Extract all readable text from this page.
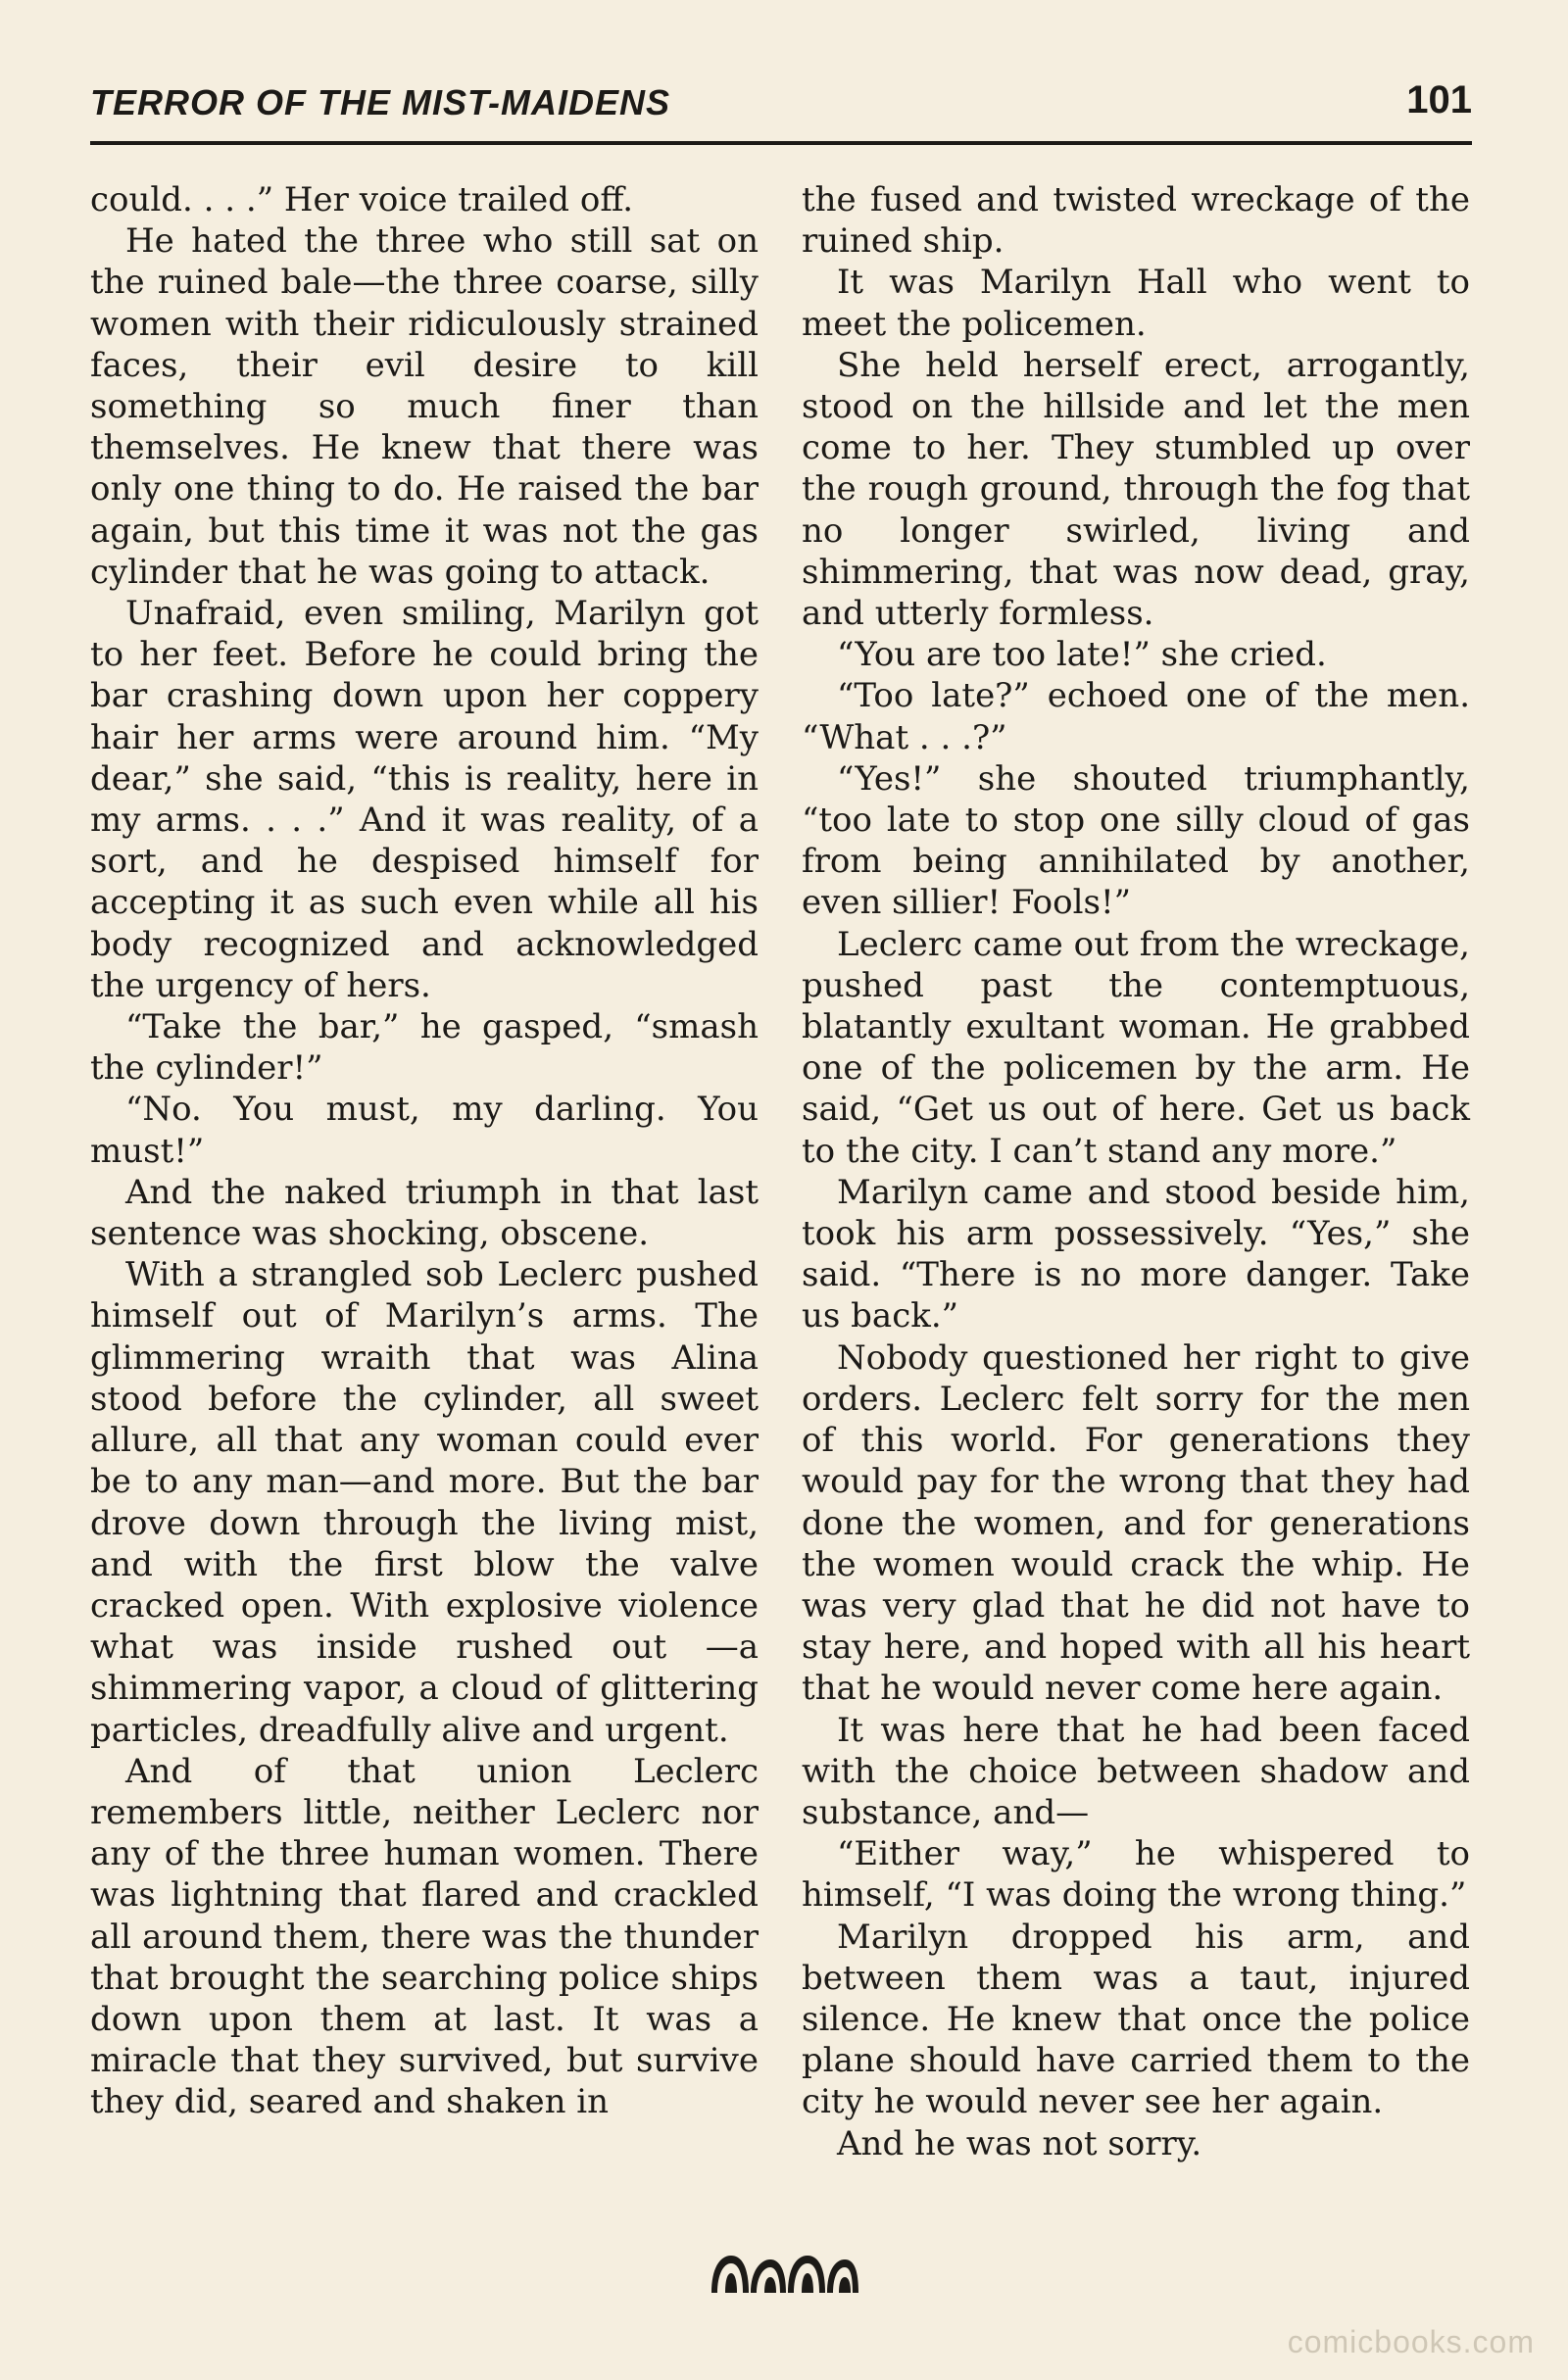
TERROR OF THE MIST-MAIDENS	101

could. . . .” Her voice trailed off.

He hated the three who still sat on the ruined bale—the three coarse, silly women with their ridiculously strained faces, their evil desire to kill something so much finer than themselves. He knew that there was only one thing to do. He raised the bar again, but this time it was not the gas cylinder that he was going to attack.

Unafraid, even smiling, Marilyn got to her feet. Before he could bring the bar crashing down upon her coppery hair her arms were around him. “My dear,” she said, “this is reality, here in my arms. . . .” And it was reality, of a sort, and he despised himself for accepting it as such even while all his body recognized and acknowledged the urgency of hers.

“Take the bar,” he gasped, “smash the cylinder!”

“No. You must, my darling. You must!”

And the naked triumph in that last sentence was shocking, obscene.

With a strangled sob Leclerc pushed himself out of Marilyn’s arms. The glimmering wraith that was Alina stood before the cylinder, all sweet allure, all that any woman could ever be to any man—and more. But the bar drove down through the living mist, and with the first blow the valve cracked open. With explosive violence what was inside rushed out —a shimmering vapor, a cloud of glittering particles, dreadfully alive and urgent.

And of that union Leclerc remembers little, neither Leclerc nor any of the three human women. There was lightning that flared and crackled all around them, there was the thunder that brought the searching police ships down upon them at last. It was a miracle that they survived, but survive they did, seared and shaken in

the fused and twisted wreckage of the ruined ship.

It was Marilyn Hall who went to meet the policemen.

She held herself erect, arrogantly, stood on the hillside and let the men come to her. They stumbled up over the rough ground, through the fog that no longer swirled, living and shimmering, that was now dead, gray, and utterly formless.

“You are too late!” she cried.

“Too late?” echoed one of the men. “What . . .?”

“Yes!” she shouted triumphantly, “too late to stop one silly cloud of gas from being annihilated by another, even sillier! Fools!”

Leclerc came out from the wreckage, pushed past the contemptuous, blatantly exultant woman. He grabbed one of the policemen by the arm. He said, “Get us out of here. Get us back to the city. I can’t stand any more.”

Marilyn came and stood beside him, took his arm possessively. “Yes,” she said. “There is no more danger. Take us back.”

Nobody questioned her right to give orders. Leclerc felt sorry for the men of this world. For generations they would pay for the wrong that they had done the women, and for generations the women would crack the whip. He was very glad that he did not have to stay here, and hoped with all his heart that he would never come here again.

It was here that he had been faced with the choice between shadow and substance, and—

“Either way,” he whispered to himself, “I was doing the wrong thing.”

Marilyn dropped his arm, and between them was a taut, injured silence. He knew that once the police plane should have carried them to the city he would never see her again.

And he was not sorry.

comicbooks.com
